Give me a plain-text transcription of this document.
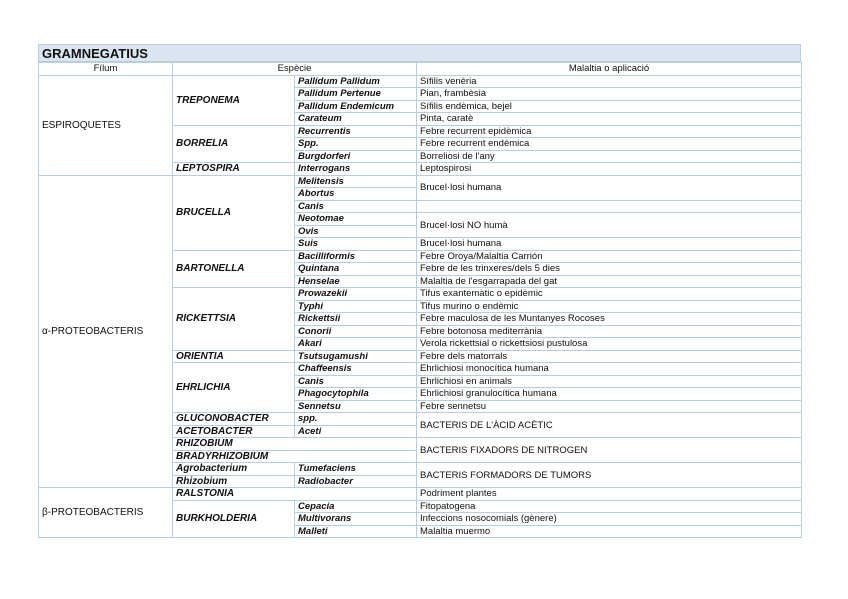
GRAMNEGATIUS
Fílum	Espècie		Malaltia o aplicació
ESPIROQUETES	TREPONEMA	Pallidum Pallidum	Sífilis venèria
		Pallidum Pertenue	Pian, frambèsia
		Pallidum Endemicum	Sífilis endèmica, bejel
		Carateum	Pinta, caratè
	BORRELIA	Recurrentis	Febre recurrent epidèmica
		Spp.	Febre recurrent endèmica
		Burgdorferi	Borreliosi de l'any
	LEPTOSPIRA	Interrogans	Leptospirosi
α-PROTEOBACTERIS	BRUCELLA	Melitensis	Brucel·losi humana
		Abortus	
		Canis	
		Neotomae	Brucel·losi NO humà
		Ovis	
		Suis	Brucel·losi humana
	BARTONELLA	Bacilliformis	Febre Oroya/Malaltia Carrión
		Quintana	Febre de les trinxeres/dels 5 dies
		Henselae	Malaltia de l'esgarrapada del gat
	RICKETTSIA	Prowazekii	Tifus exantemàtic o epidèmic
		Typhi	Tifus murino o endèmic
		Rickettsii	Febre maculosa de les Muntanyes Rocoses
		Conorii	Febre botonosa mediterrània
		Akari	Verola rickettsial o rickettsiosi pustulosa
	ORIENTIA	Tsutsugamushi	Febre dels matorrals
	EHRLICHIA	Chaffeensis	Ehrlichiosi monocítica humana
		Canis	Ehrlichiosi en animals
		Phagocytophila	Ehrlichiosi granulocítica humana
		Sennetsu	Febre sennetsu
	GLUCONOBACTER	spp.	BACTERIS DE L'ÀCID ACÈTIC
	ACETOBACTER	Aceti	
	RHIZOBIUM		BACTERIS FIXADORS DE NITROGEN
	BRADYRHIZOBIUM		
	Agrobacterium	Tumefaciens	BACTERIS FORMADORS DE TUMORS
	Rhizobium	Radiobacter	
β-PROTEOBACTERIS	RALSTONIA		Podriment plantes
	BURKHOLDERIA	Cepacia	Fitopatogena
		Multivorans	Infeccions nosocomials (gènere)
		Malleti	Malaltia muermo
